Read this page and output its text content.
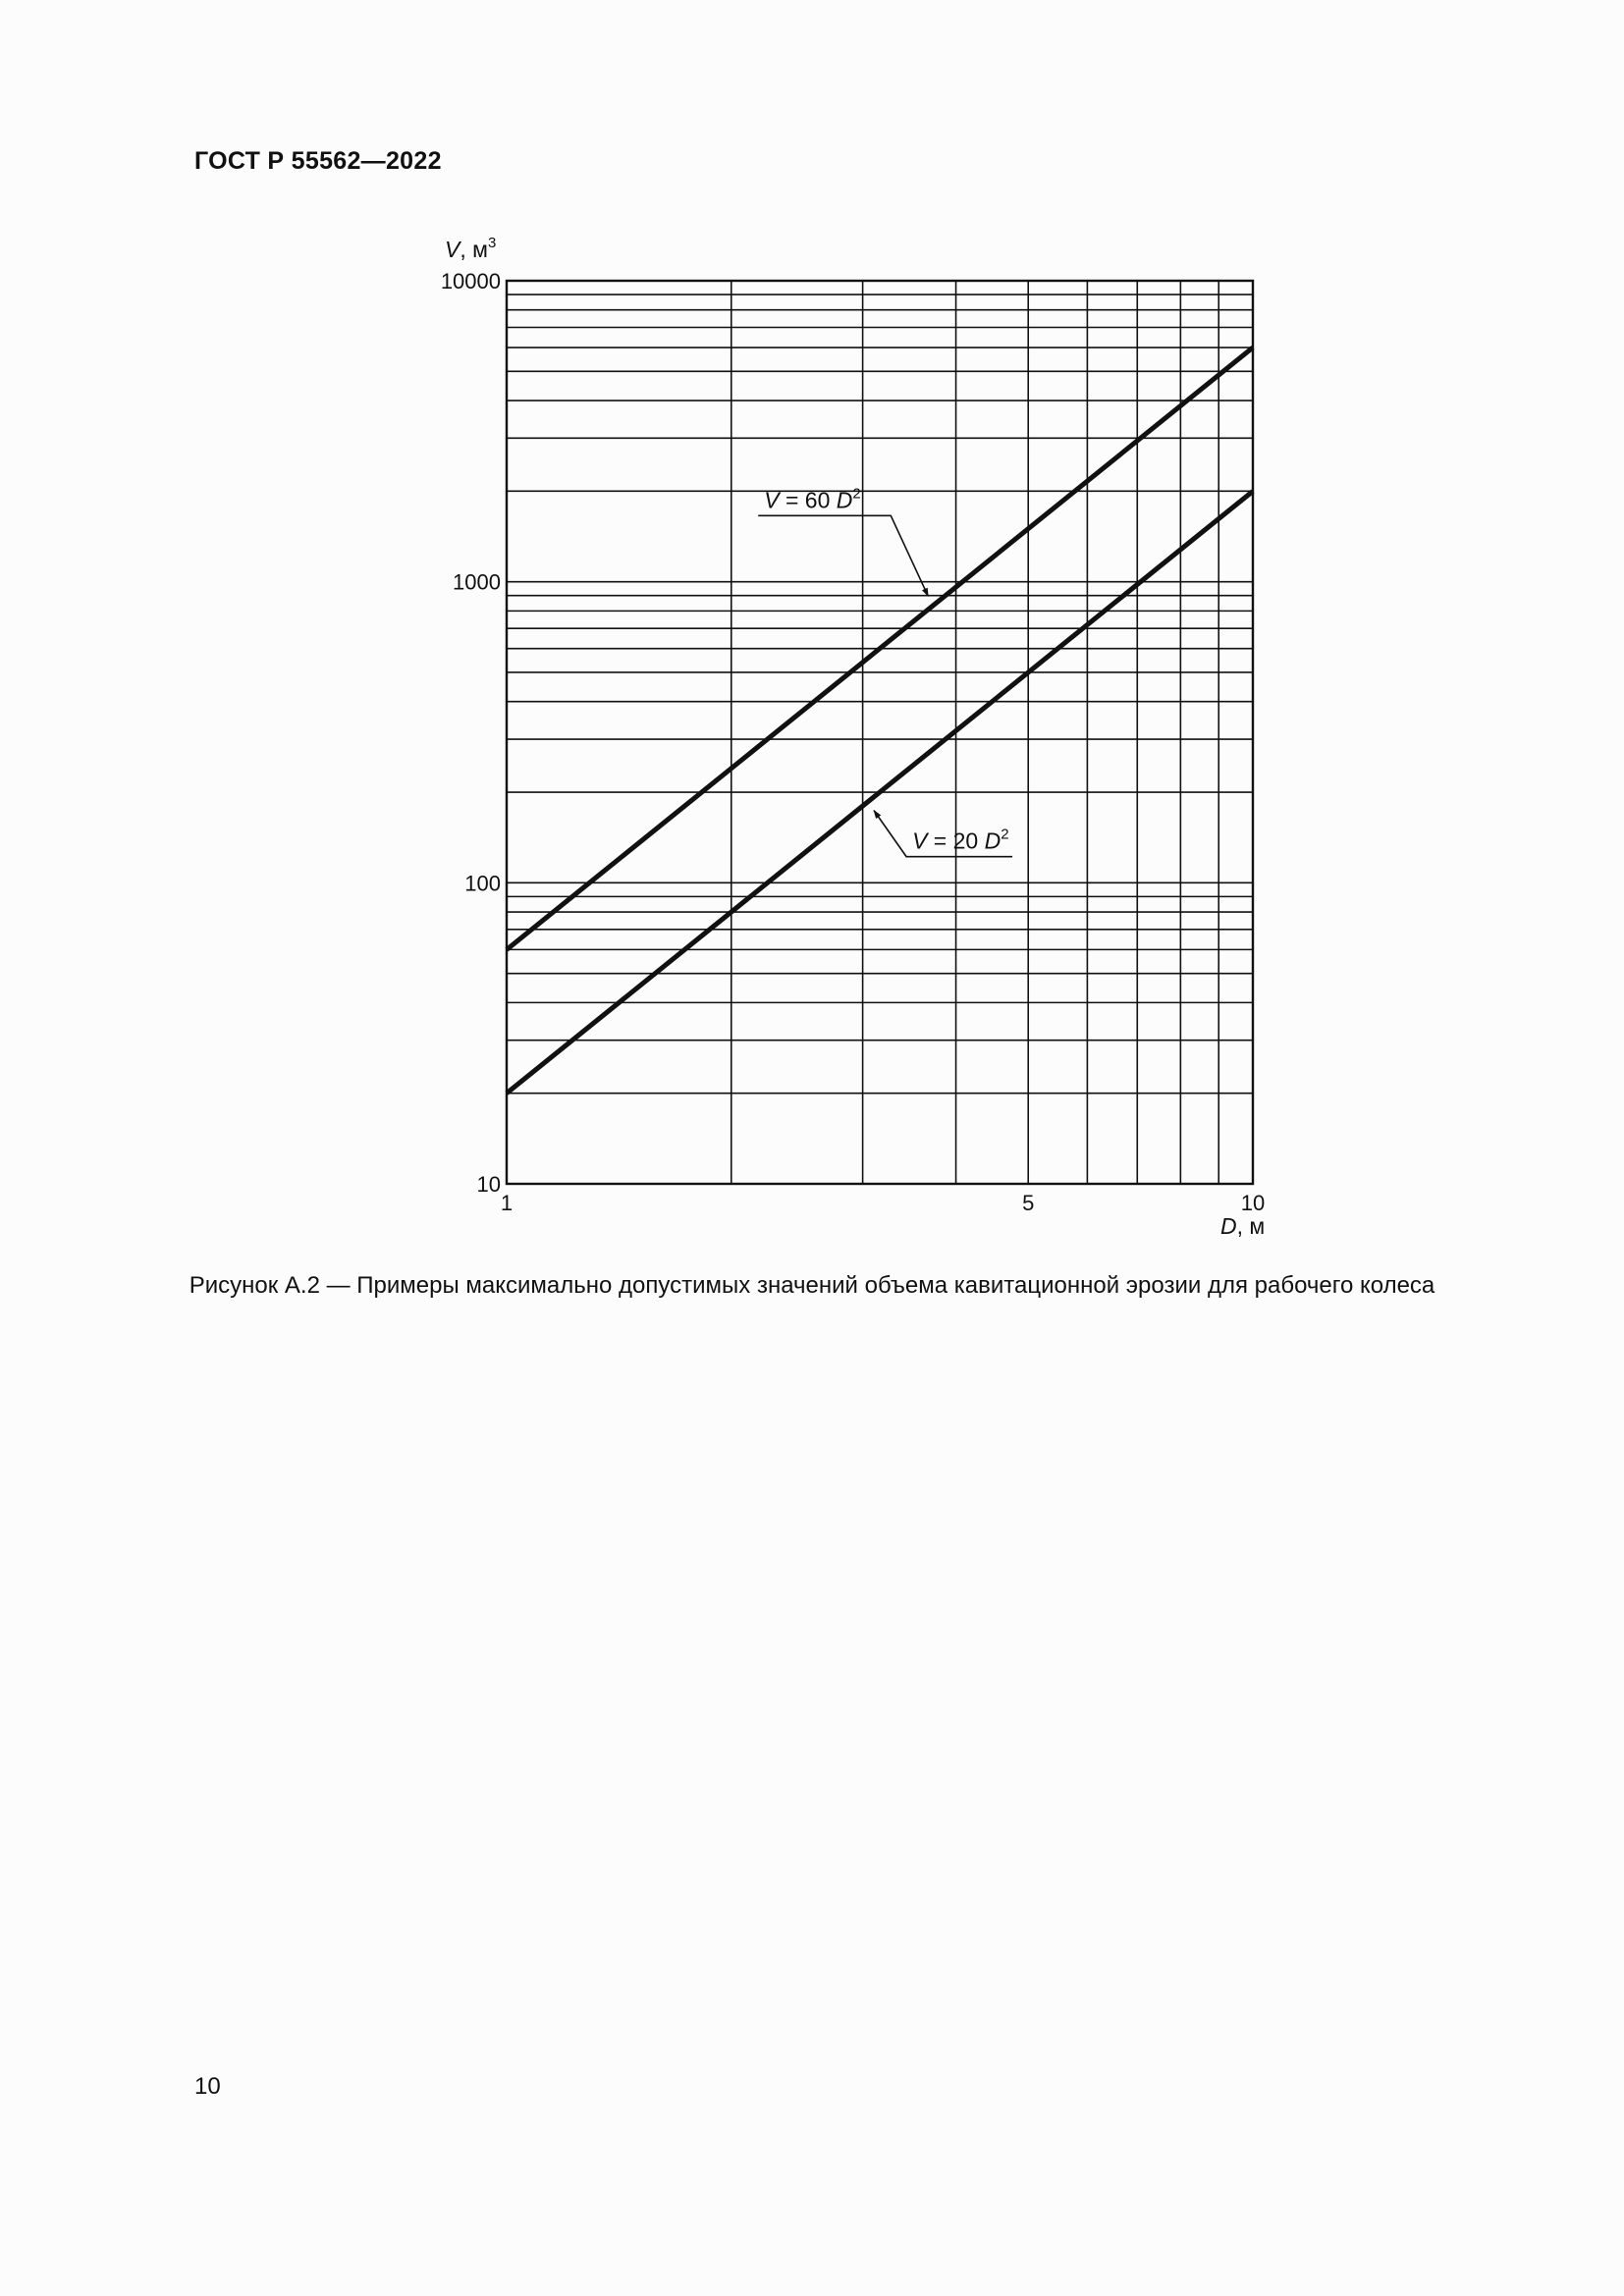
ГОСТ Р 55562—2022
V = 60 $D^2$
V = 20 $D^2$
10
100
1000
10000
1	5	10
V, $м^3$
D, м
Рисунок А.2 — Примеры максимально допустимых значений объема кавитационной эрозии для рабочего колеса
10
